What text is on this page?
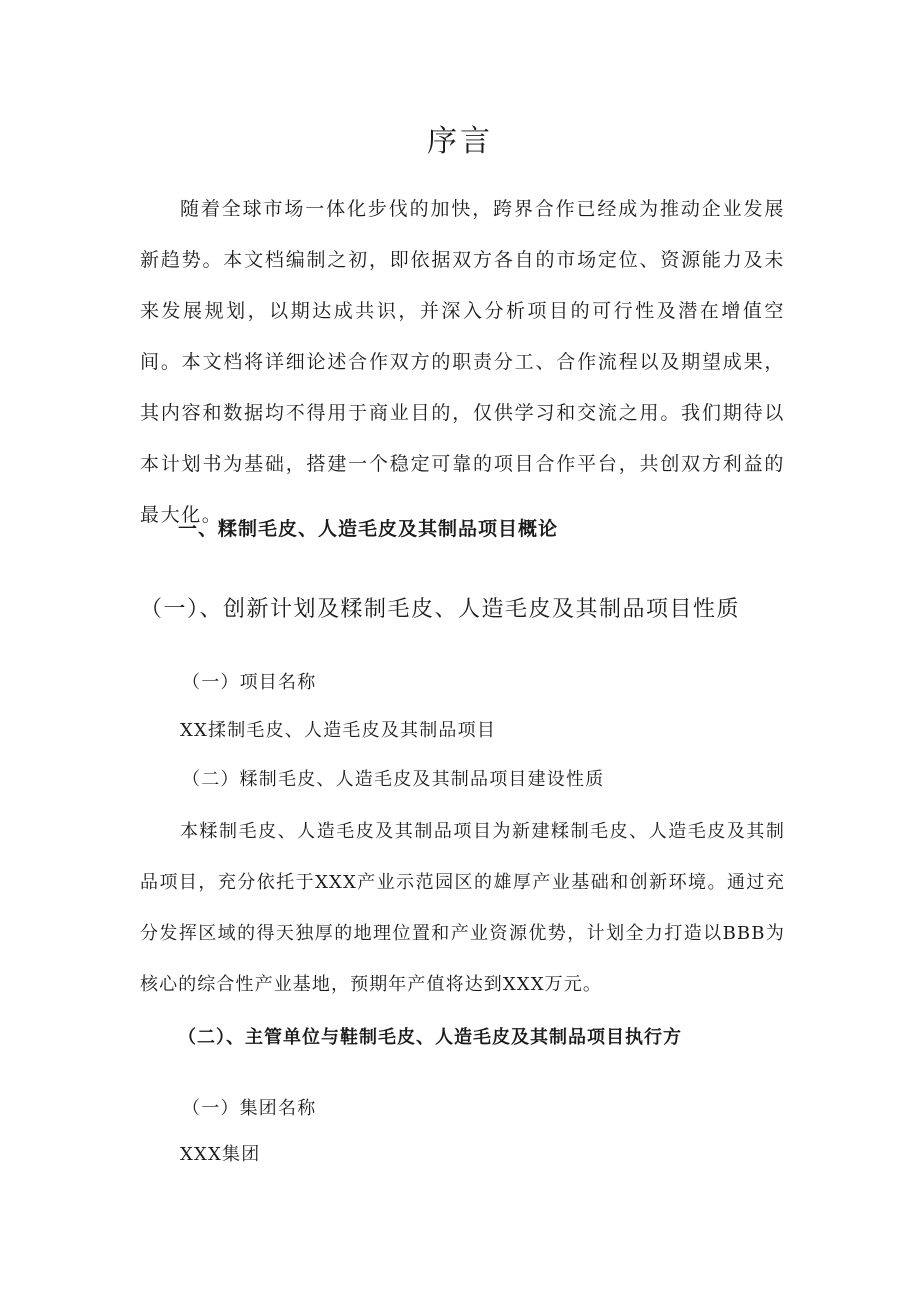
序言

随着全球市场一体化步伐的加快，跨界合作已经成为推动企业发展新趋势。本文档编制之初，即依据双方各自的市场定位、资源能力及未来发展规划，以期达成共识，并深入分析项目的可行性及潜在增值空间。本文档将详细论述合作双方的职责分工、合作流程以及期望成果，其内容和数据均不得用于商业目的，仅供学习和交流之用。我们期待以本计划书为基础，搭建一个稳定可靠的项目合作平台，共创双方利益的最大化。

一、糅制毛皮、人造毛皮及其制品项目概论
（一）、创新计划及糅制毛皮、人造毛皮及其制品项目性质
（一）项目名称
XX揉制毛皮、人造毛皮及其制品项目
（二）糅制毛皮、人造毛皮及其制品项目建设性质

本糅制毛皮、人造毛皮及其制品项目为新建糅制毛皮、人造毛皮及其制品项目，充分依托于XXX产业示范园区的雄厚产业基础和创新环境。通过充分发挥区域的得天独厚的地理位置和产业资源优势，计划全力打造以BBB为核心的综合性产业基地，预期年产值将达到XXX万元。

（二）、主管单位与鞋制毛皮、人造毛皮及其制品项目执行方
（一）集团名称
XXX集团
